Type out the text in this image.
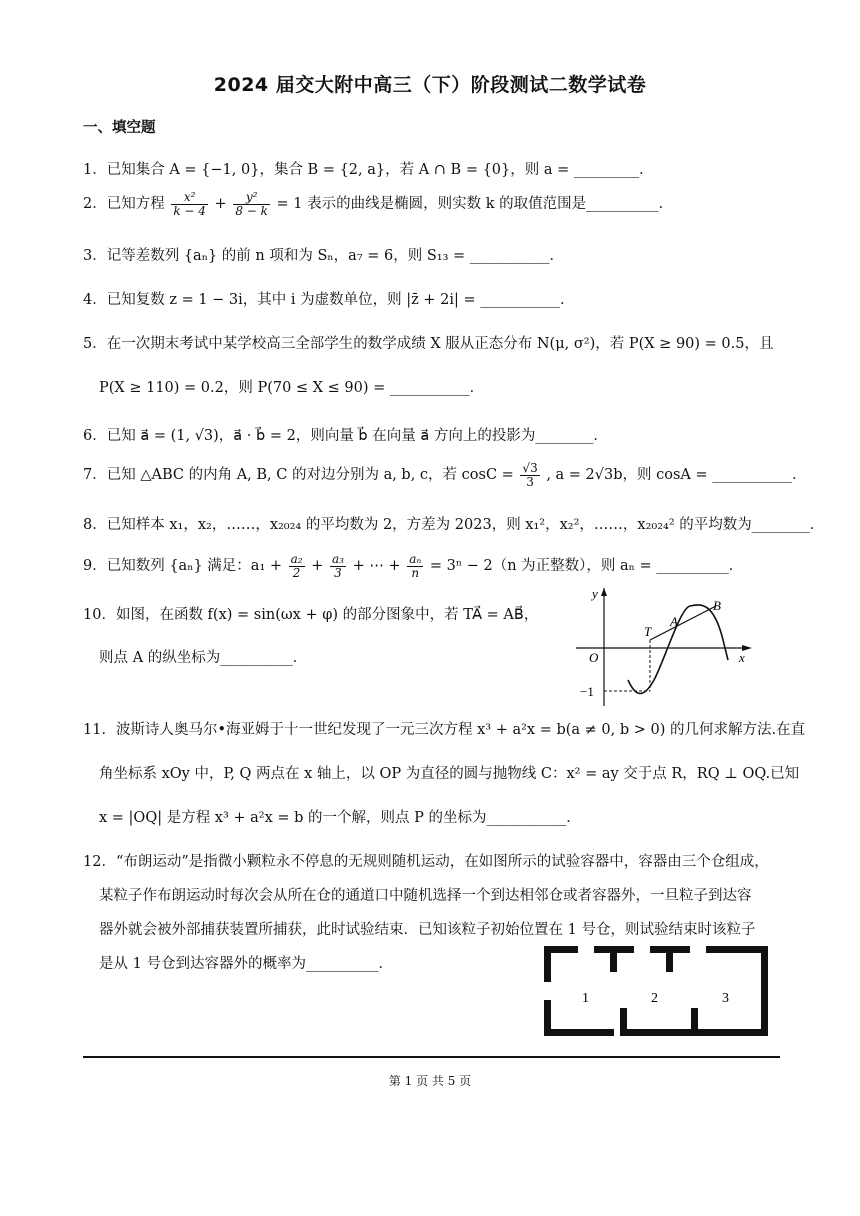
2024 届交大附中高三（下）阶段测试二数学试卷
一、填空题
1．已知集合 A = {−1, 0}，集合 B = {2, a}，若 A ∩ B = {0}，则 a = _________．
2．已知方程 $\frac{\text{x²}}{k - 4} + \frac{\text{y²}}{8 - k} = 1$ 表示的曲线是椭圆，则实数 k 的取值范围是__________．
3．记等差数列 {aₙ} 的前 n 项和为 Sₙ，a₇ = 6，则 S₁₃ = ___________．
4．已知复数 z = 1 − 3i，其中 i 为虚数单位，则 |z̄ + 2i| = ___________．
5．在一次期末考试中某学校高三全部学生的数学成绩 X 服从正态分布 N(μ, σ²)，若 P(X ≥ 90) = 0.5，且
P(X ≥ 110) = 0.2，则 P(70 ≤ X ≤ 90) = ___________．
6．已知 a⃗ = (1, √3)，a⃗ · b⃗ = 2，则向量 b⃗ 在向量 a⃗ 方向上的投影为________．
7．已知 △ABC 的内角 A, B, C 的对边分别为 a, b, c，若 $\cos C = \frac{√3}{3}$ , a = 2√3b，则 cosA = ___________．
8．已知样本 x₁，x₂，……，x₂₀₂₄ 的平均数为 2，方差为 2023，则 x₁²，x₂²，……，x₂₀₂₄² 的平均数为________．
9．已知数列 {aₙ} 满足：$a_1 + \frac{\text{a₂}}{2} + \frac{\text{a₃}}{3}$ + ⋯ + $\frac{\text{aₙ}}{n} = 3^n - 2(n$ 为正整数），则 aₙ = __________．
10．如图，在函数 f(x) = sin(ωx + φ) 的部分图象中，若 TA⃗ = AB⃗，
则点 A 的纵坐标为__________．
y
x
O
−1
T
A
B
11．波斯诗人奥马尔•海亚姆于十一世纪发现了一元三次方程 x³ + a²x = b(a ≠ 0, b > 0) 的几何求解方法.在直
角坐标系 xOy 中，P, Q 两点在 x 轴上，以 OP 为直径的圆与抛物线 C：x² = ay 交于点 R，RQ ⊥ OQ.已知
x = |OQ| 是方程 x³ + a²x = b 的一个解，则点 P 的坐标为___________．
12．“布朗运动”是指微小颗粒永不停息的无规则随机运动，在如图所示的试验容器中，容器由三个仓组成，
某粒子作布朗运动时每次会从所在仓的通道口中随机选择一个到达相邻仓或者容器外，一旦粒子到达容
器外就会被外部捕获装置所捕获，此时试验结束．已知该粒子初始位置在 1 号仓，则试验结束时该粒子
是从 1 号仓到达容器外的概率为__________．
1	2	3
第 1 页 共 5 页
